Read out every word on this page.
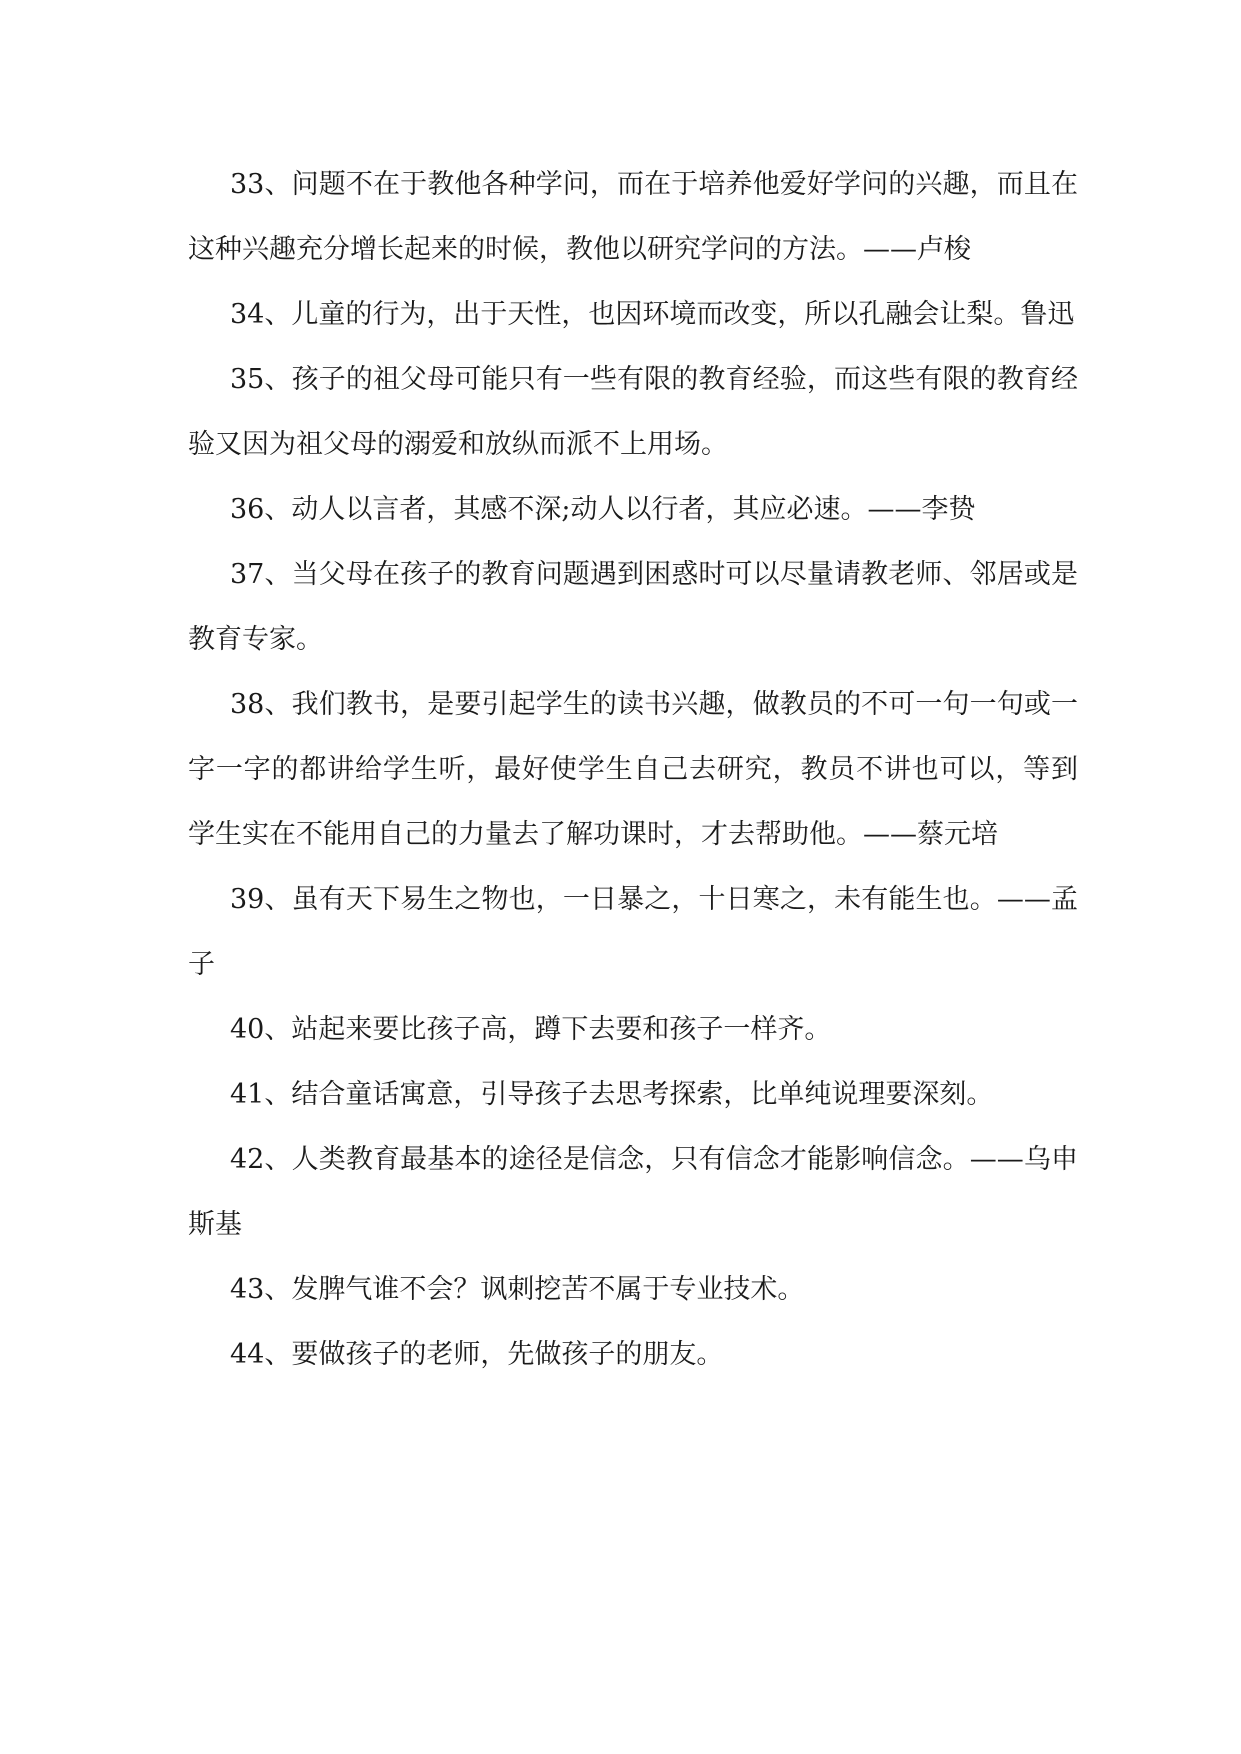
33、问题不在于教他各种学问，而在于培养他爱好学问的兴趣，而且在这种兴趣充分增长起来的时候，教他以研究学问的方法。——卢梭

34、儿童的行为，出于天性，也因环境而改变，所以孔融会让梨。鲁迅

35、孩子的祖父母可能只有一些有限的教育经验，而这些有限的教育经验又因为祖父母的溺爱和放纵而派不上用场。

36、动人以言者，其感不深;动人以行者，其应必速。——李贽

37、当父母在孩子的教育问题遇到困惑时可以尽量请教老师、邻居或是教育专家。

38、我们教书，是要引起学生的读书兴趣，做教员的不可一句一句或一字一字的都讲给学生听，最好使学生自己去研究，教员不讲也可以，等到学生实在不能用自己的力量去了解功课时，才去帮助他。——蔡元培

39、虽有天下易生之物也，一日暴之，十日寒之，未有能生也。——孟子

40、站起来要比孩子高，蹲下去要和孩子一样齐。

41、结合童话寓意，引导孩子去思考探索，比单纯说理要深刻。

42、人类教育最基本的途径是信念，只有信念才能影响信念。——乌申斯基

43、发脾气谁不会？讽刺挖苦不属于专业技术。

44、要做孩子的老师，先做孩子的朋友。
